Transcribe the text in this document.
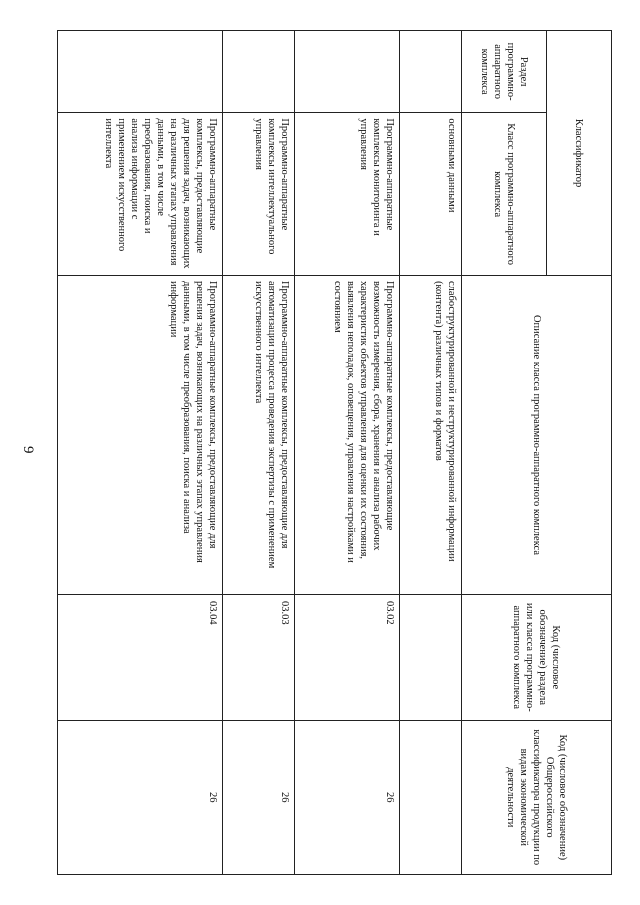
9
Классификатор		Описание класса программно-аппаратного комплекса	Код (числовое обозначение) раздела или класса программно-аппаратного комплекса	Код (числовое обозначение) Общероссийского классификатора продукции по видам экономической деятельности
Раздел программно-аппаратного комплекса	Класс программно-аппаратного комплекса			
	основными данными	слабоструктурированной и неструктурированной информации (контента) различных типов и форматов		
	Программно-аппаратные комплексы мониторинга и управления	Программно-аппаратные комплексы, предоставляющие возможность измерения, сбора, хранения и анализа рабочих характеристик объектов управления для оценки их состояния, выявления неполадок, оповещения, управления настройками и состоянием	03.02	26
	Программно-аппаратные комплексы интеллектуального управления	Программно-аппаратные комплексы, предоставляющие для автоматизации процесса проведения экспертизы с применением искусственного интеллекта	03.03	26
	Программно-аппаратные комплексы, предоставляющие для решения задач, возникающих на различных этапах управления данными, в том числе преобразования, поиска и анализа информации с применением искусственного интеллекта	Программно-аппаратные комплексы, предоставляющие для решения задач, возникающих на различных этапах управления данными, в том числе преобразования, поиска и анализа информации	03.04	26
